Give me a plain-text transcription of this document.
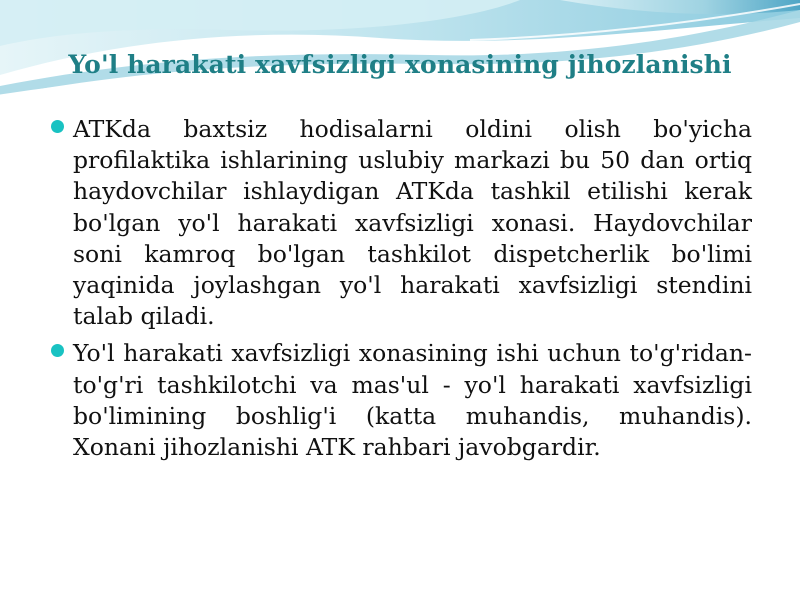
Yo'l harakati xavfsizligi xonasining jihozlanishi
ATKda baxtsiz hodisalarni oldini olish bo'yicha profilaktika ishlarining uslubiy markazi bu 50 dan ortiq haydovchilar ishlaydigan ATKda tashkil etilishi kerak bo'lgan yo'l harakati xavfsizligi xonasi. Haydovchilar soni kamroq bo'lgan tashkilot dispetcherlik bo'limi yaqinida joylashgan yo'l harakati xavfsizligi stendini talab qiladi.
Yo'l harakati xavfsizligi xonasining ishi uchun to'g'ridan-to'g'ri tashkilotchi va mas'ul - yo'l harakati xavfsizligi bo'limining boshlig'i (katta muhandis, muhandis). Xonani jihozlanishi ATK rahbari javobgardir.
